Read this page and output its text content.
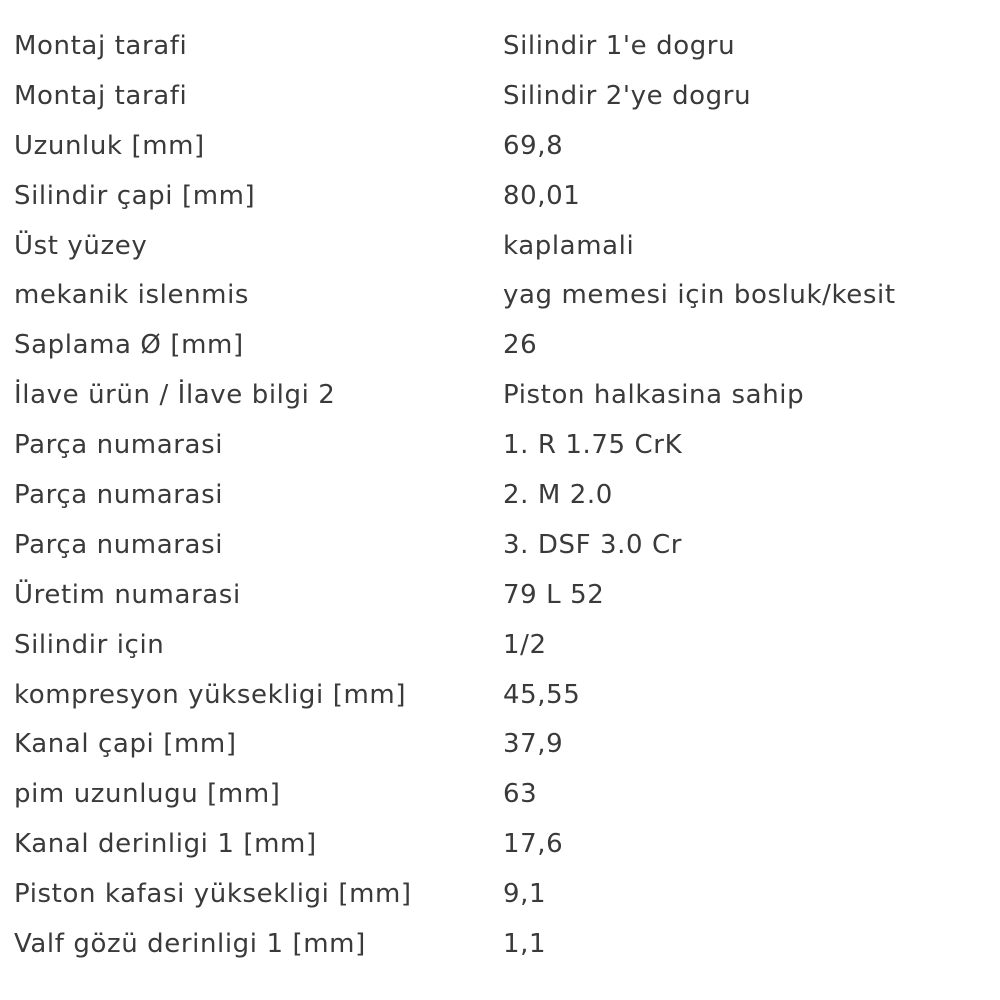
Montaj tarafi	Silindir 1'e dogru
Montaj tarafi	Silindir 2'ye dogru
Uzunluk [mm]	69,8
Silindir çapi [mm]	80,01
Üst yüzey	kaplamali
mekanik islenmis	yag memesi için bosluk/kesit
Saplama Ø [mm]	26
İlave ürün / İlave bilgi 2	Piston halkasina sahip
Parça numarasi	1. R 1.75 CrK
Parça numarasi	2. M 2.0
Parça numarasi	3. DSF 3.0 Cr
Üretim numarasi	79 L 52
Silindir için	1/2
kompresyon yüksekligi [mm]	45,55
Kanal çapi [mm]	37,9
pim uzunlugu [mm]	63
Kanal derinligi 1 [mm]	17,6
Piston kafasi yüksekligi [mm]	9,1
Valf gözü derinligi 1 [mm]	1,1
